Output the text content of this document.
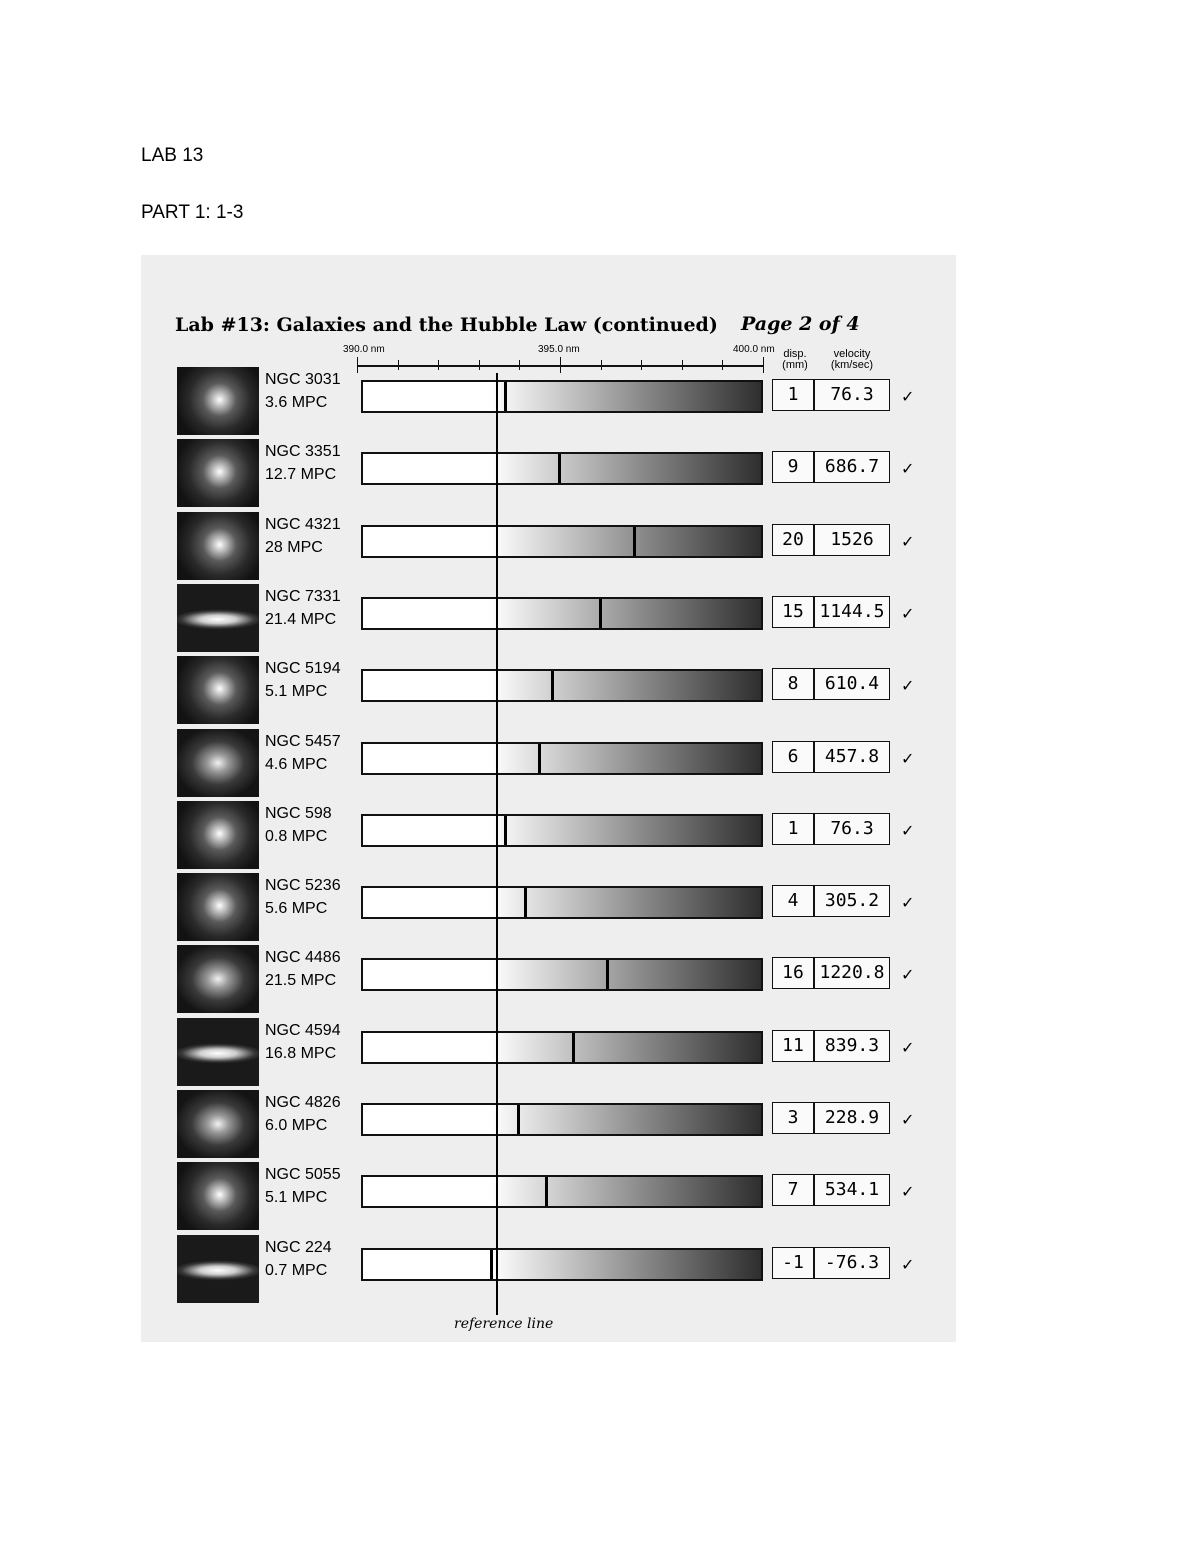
LAB 13
PART 1: 1-3
Lab #13: Galaxies and the Hubble Law (continued) Page 2 of 4
390.0 nm	395.0 nm	400.0 nm disp.
(mm)
velocity
(km/sec)
NGC 3031
3.6 MPC	1	76.3	✓
NGC 3351
12.7 MPC	9	686.7	✓
NGC 4321
28 MPC	20	1526	✓
NGC 7331
21.4 MPC	15 1144.5	✓
NGC 5194
5.1 MPC	8	610.4	✓
NGC 5457
4.6 MPC	6	457.8	✓
NGC 598
0.8 MPC	1	76.3	✓
NGC 5236
5.6 MPC	4	305.2	✓
NGC 4486
21.5 MPC	16 1220.8	✓
NGC 4594
16.8 MPC	11	839.3	✓
NGC 4826
6.0 MPC	3	228.9	✓
NGC 5055
5.1 MPC	7	534.1	✓
NGC 224
0.7 MPC	-1	-76.3	✓
reference line
